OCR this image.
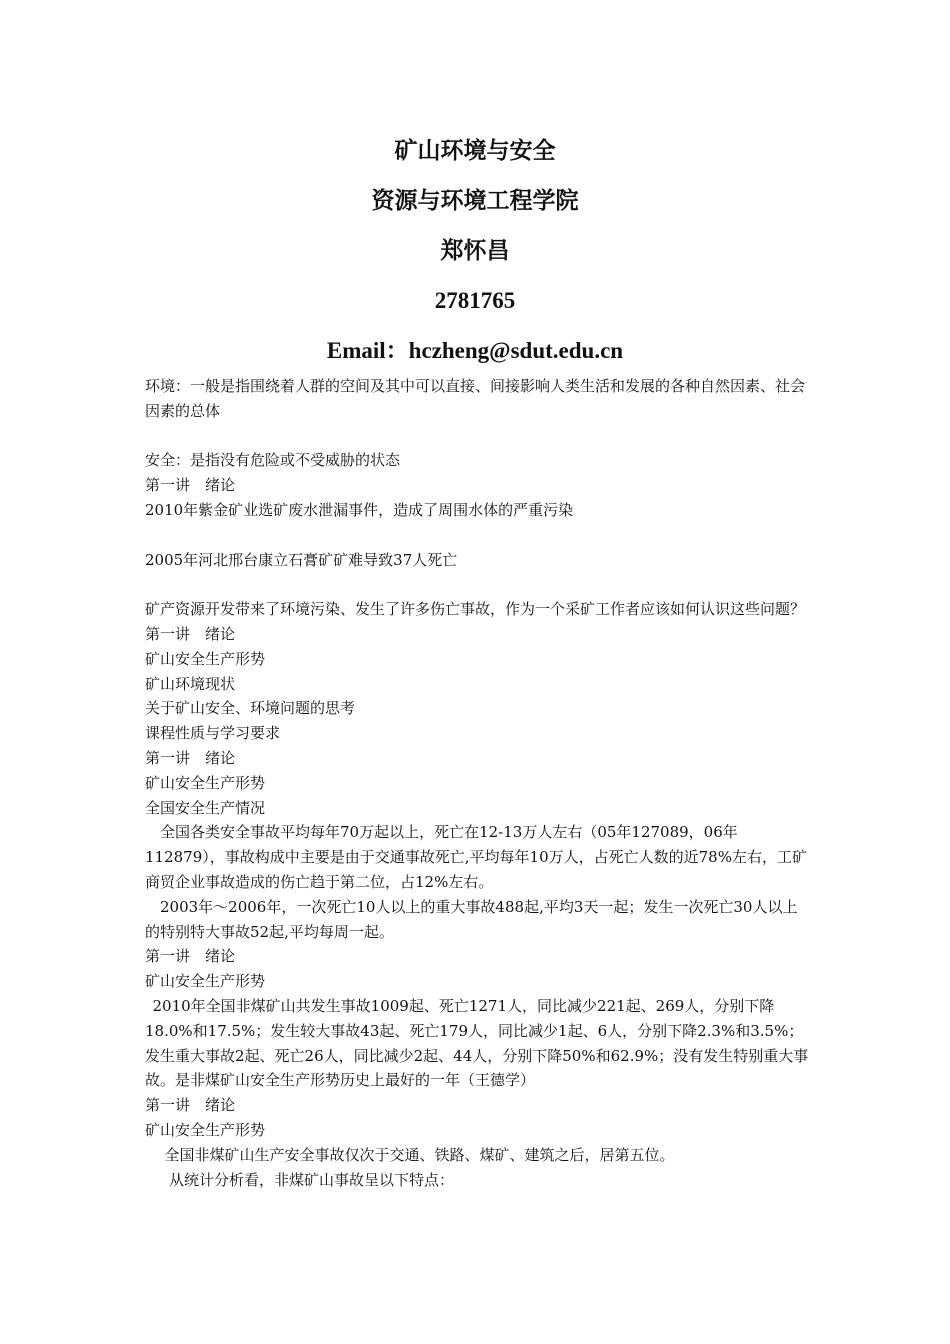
矿山环境与安全
资源与环境工程学院
郑怀昌
2781765
Email：hczheng@sdut.edu.cn

环境：一般是指围绕着人群的空间及其中可以直接、间接影响人类生活和发展的各种自然因素、社会因素的总体

安全：是指没有危险或不受威胁的状态

第一讲　绪论

2010年紫金矿业选矿废水泄漏事件，造成了周围水体的严重污染

2005年河北邢台康立石膏矿矿难导致37人死亡

矿产资源开发带来了环境污染、发生了许多伤亡事故，作为一个采矿工作者应该如何认识这些问题？

第一讲　绪论

矿山安全生产形势

矿山环境现状

关于矿山安全、环境问题的思考

课程性质与学习要求

第一讲　绪论

矿山安全生产形势

全国安全生产情况

全国各类安全事故平均每年70万起以上，死亡在12-13万人左右（05年127089，06年112879），事故构成中主要是由于交通事故死亡,平均每年10万人，占死亡人数的近78%左右，工矿商贸企业事故造成的伤亡趋于第二位，占12%左右。

2003年～2006年，一次死亡10人以上的重大事故488起,平均3天一起；发生一次死亡30人以上的特别特大事故52起,平均每周一起。

第一讲　绪论

矿山安全生产形势

2010年全国非煤矿山共发生事故1009起、死亡1271人，同比减少221起、269人，分别下降18.0%和17.5%；发生较大事故43起、死亡179人，同比减少1起、6人，分别下降2.3%和3.5%；发生重大事故2起、死亡26人，同比减少2起、44人，分别下降50%和62.9%；没有发生特别重大事故。是非煤矿山安全生产形势历史上最好的一年（王德学）

第一讲　绪论

矿山安全生产形势

全国非煤矿山生产安全事故仅次于交通、铁路、煤矿、建筑之后，居第五位。

从统计分析看，非煤矿山事故呈以下特点：
